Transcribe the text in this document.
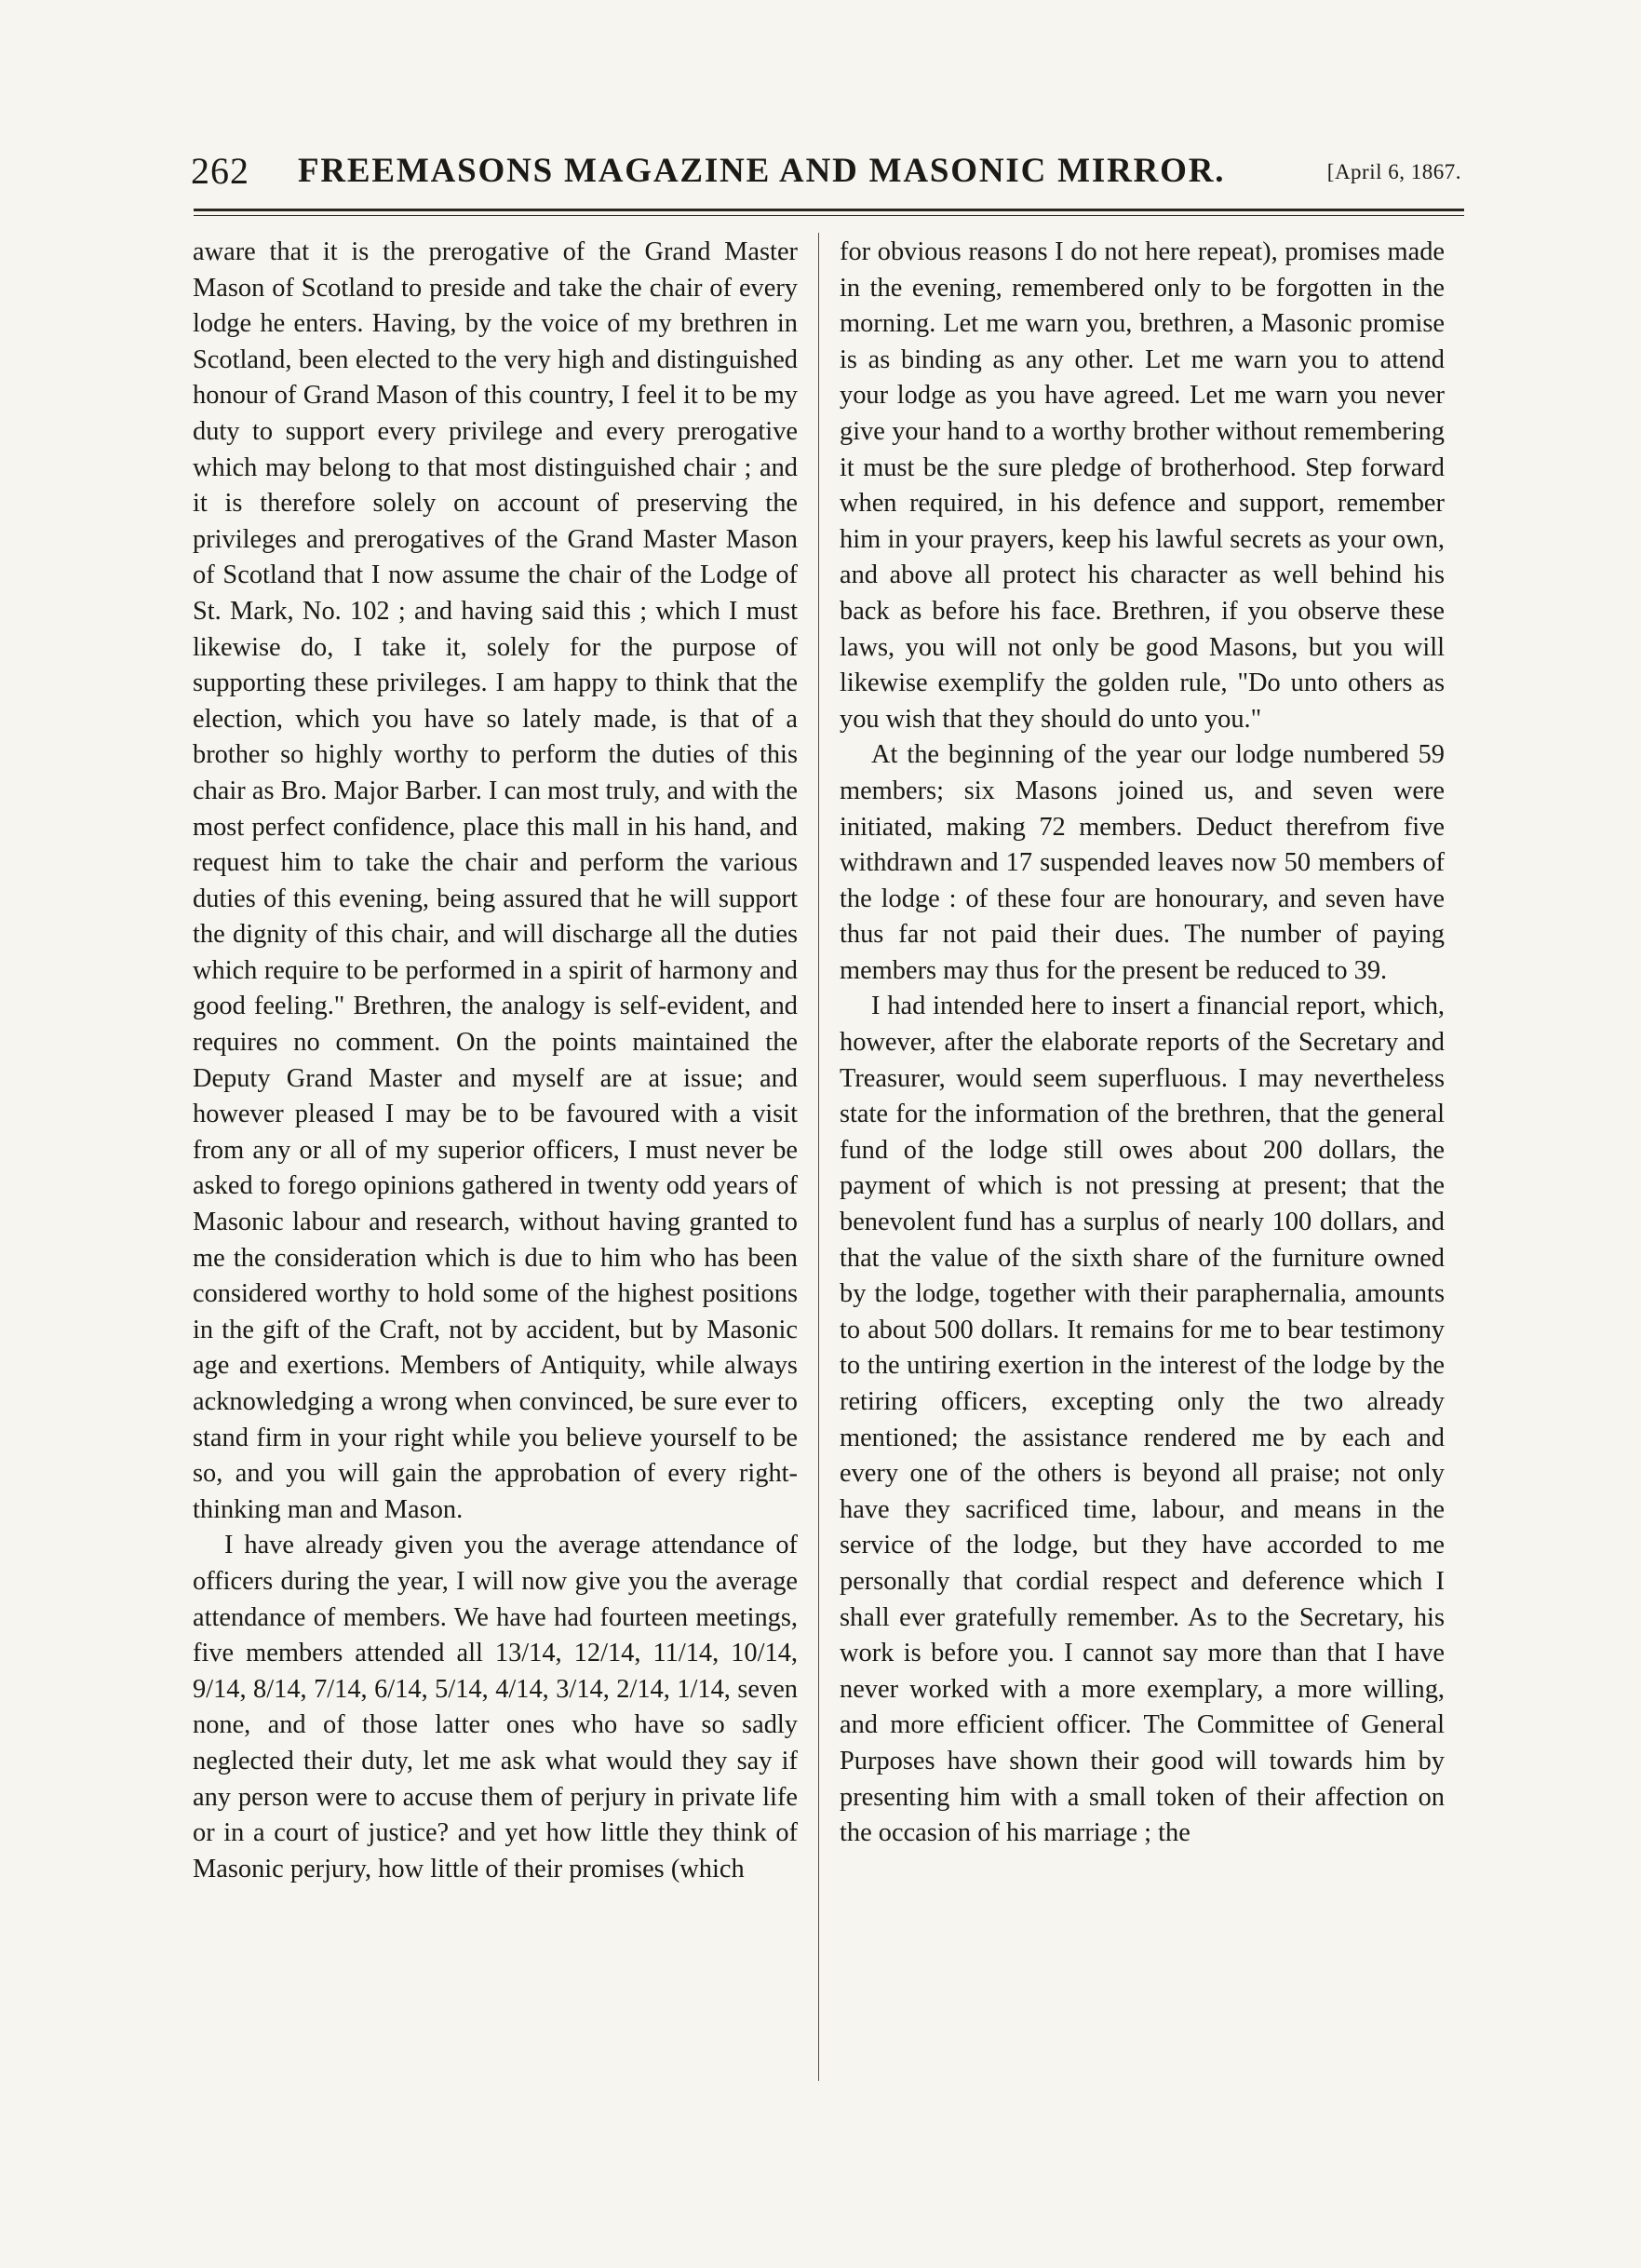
262 FREEMASONS MAGAZINE AND MASONIC MIRROR.	[April 6, 1867.

aware that it is the prerogative of the Grand Master Mason of Scotland to preside and take the chair of every lodge he enters. Having, by the voice of my brethren in Scotland, been elected to the very high and distinguished honour of Grand Mason of this country, I feel it to be my duty to support every privilege and every prerogative which may belong to that most distinguished chair ; and it is therefore solely on account of preserving the privileges and prerogatives of the Grand Master Mason of Scotland that I now assume the chair of the Lodge of St. Mark, No. 102 ; and having said this ; which I must likewise do, I take it, solely for the purpose of supporting these privileges. I am happy to think that the election, which you have so lately made, is that of a brother so highly worthy to perform the duties of this chair as Bro. Major Barber. I can most truly, and with the most perfect confidence, place this mall in his hand, and request him to take the chair and perform the various duties of this evening, being assured that he will support the dignity of this chair, and will discharge all the duties which require to be performed in a spirit of harmony and good feeling." Brethren, the analogy is self-evident, and requires no comment. On the points maintained the Deputy Grand Master and myself are at issue; and however pleased I may be to be favoured with a visit from any or all of my superior officers, I must never be asked to forego opinions gathered in twenty odd years of Masonic labour and research, without having granted to me the consideration which is due to him who has been considered worthy to hold some of the highest positions in the gift of the Craft, not by accident, but by Masonic age and exertions. Members of Antiquity, while always acknowledging a wrong when convinced, be sure ever to stand firm in your right while you believe yourself to be so, and you will gain the approbation of every right-thinking man and Mason.

I have already given you the average attendance of officers during the year, I will now give you the average attendance of members. We have had fourteen meetings, five members attended all 13/14, 12/14, 11/14, 10/14, 9/14, 8/14, 7/14, 6/14, 5/14, 4/14, 3/14, 2/14, 1/14, seven none, and of those latter ones who have so sadly neglected their duty, let me ask what would they say if any person were to accuse them of perjury in private life or in a court of justice? and yet how little they think of Masonic perjury, how little of their promises (which

for obvious reasons I do not here repeat), promises made in the evening, remembered only to be forgotten in the morning. Let me warn you, brethren, a Masonic promise is as binding as any other. Let me warn you to attend your lodge as you have agreed. Let me warn you never give your hand to a worthy brother without remembering it must be the sure pledge of brotherhood. Step forward when required, in his defence and support, remember him in your prayers, keep his lawful secrets as your own, and above all protect his character as well behind his back as before his face. Brethren, if you observe these laws, you will not only be good Masons, but you will likewise exemplify the golden rule, "Do unto others as you wish that they should do unto you."

At the beginning of the year our lodge numbered 59 members; six Masons joined us, and seven were initiated, making 72 members. Deduct therefrom five withdrawn and 17 suspended leaves now 50 members of the lodge : of these four are honourary, and seven have thus far not paid their dues. The number of paying members may thus for the present be reduced to 39.

I had intended here to insert a financial report, which, however, after the elaborate reports of the Secretary and Treasurer, would seem superfluous. I may nevertheless state for the information of the brethren, that the general fund of the lodge still owes about 200 dollars, the payment of which is not pressing at present; that the benevolent fund has a surplus of nearly 100 dollars, and that the value of the sixth share of the furniture owned by the lodge, together with their paraphernalia, amounts to about 500 dollars. It remains for me to bear testimony to the untiring exertion in the interest of the lodge by the retiring officers, excepting only the two already mentioned; the assistance rendered me by each and every one of the others is beyond all praise; not only have they sacrificed time, labour, and means in the service of the lodge, but they have accorded to me personally that cordial respect and deference which I shall ever gratefully remember. As to the Secretary, his work is before you. I cannot say more than that I have never worked with a more exemplary, a more willing, and more efficient officer. The Committee of General Purposes have shown their good will towards him by presenting him with a small token of their affection on the occasion of his marriage ; the
